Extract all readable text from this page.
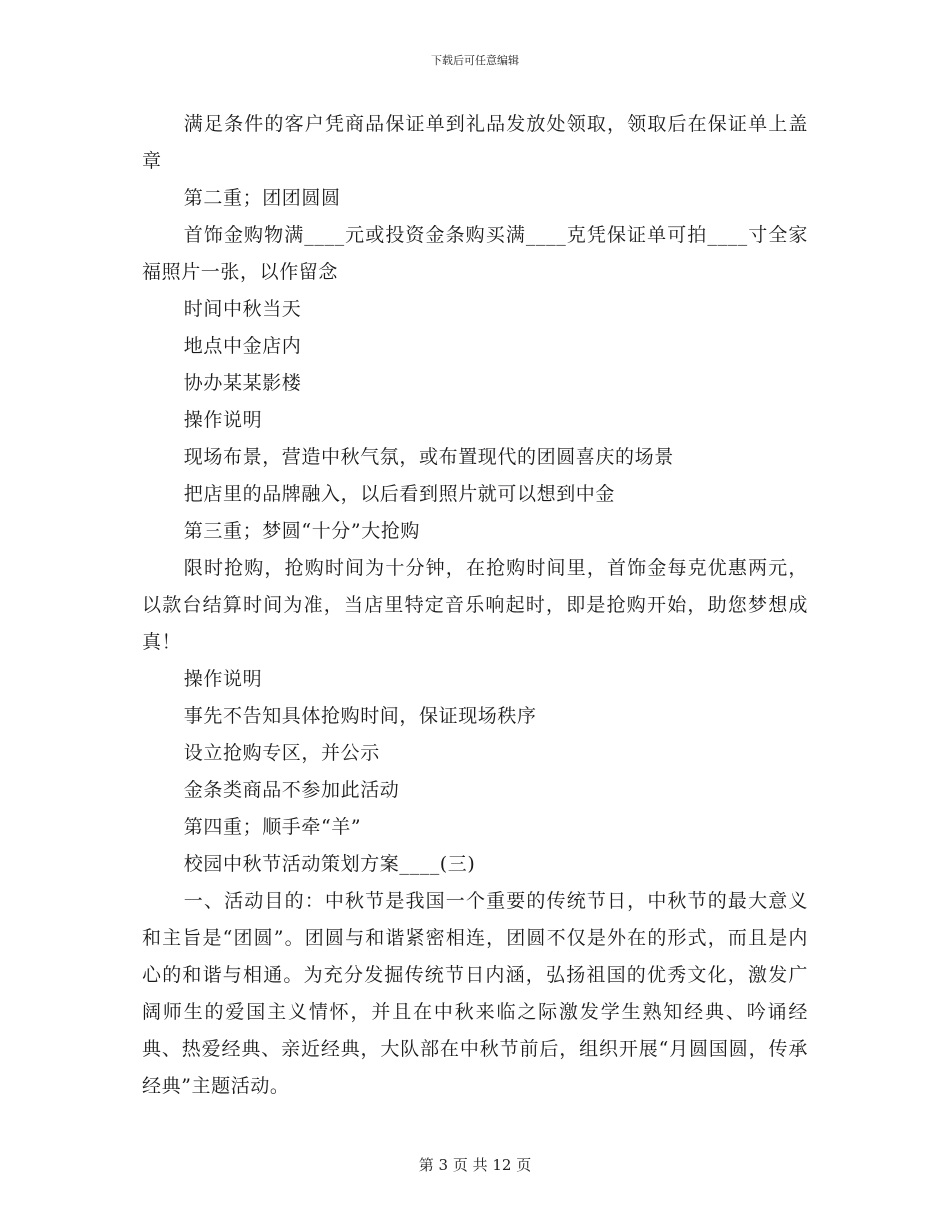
下载后可任意编辑

满足条件的客户凭商品保证单到礼品发放处领取，领取后在保证单上盖章

第二重；团团圆圆

首饰金购物满____元或投资金条购买满____克凭保证单可拍____寸全家福照片一张，以作留念

时间中秋当天

地点中金店内

协办某某影楼

操作说明

现场布景，营造中秋气氛，或布置现代的团圆喜庆的场景

把店里的品牌融入，以后看到照片就可以想到中金

第三重；梦圆“十分”大抢购

限时抢购，抢购时间为十分钟，在抢购时间里，首饰金每克优惠两元，以款台结算时间为准，当店里特定音乐响起时，即是抢购开始，助您梦想成真！

操作说明

事先不告知具体抢购时间，保证现场秩序

设立抢购专区，并公示

金条类商品不参加此活动

第四重；顺手牵“羊”

校园中秋节活动策划方案____(三)

一、活动目的：中秋节是我国一个重要的传统节日，中秋节的最大意义和主旨是“团圆”。团圆与和谐紧密相连，团圆不仅是外在的形式，而且是内心的和谐与相通。为充分发掘传统节日内涵，弘扬祖国的优秀文化，激发广阔师生的爱国主义情怀，并且在中秋来临之际激发学生熟知经典、吟诵经典、热爱经典、亲近经典，大队部在中秋节前后，组织开展“月圆国圆，传承经典”主题活动。

第 3 页 共 12 页
